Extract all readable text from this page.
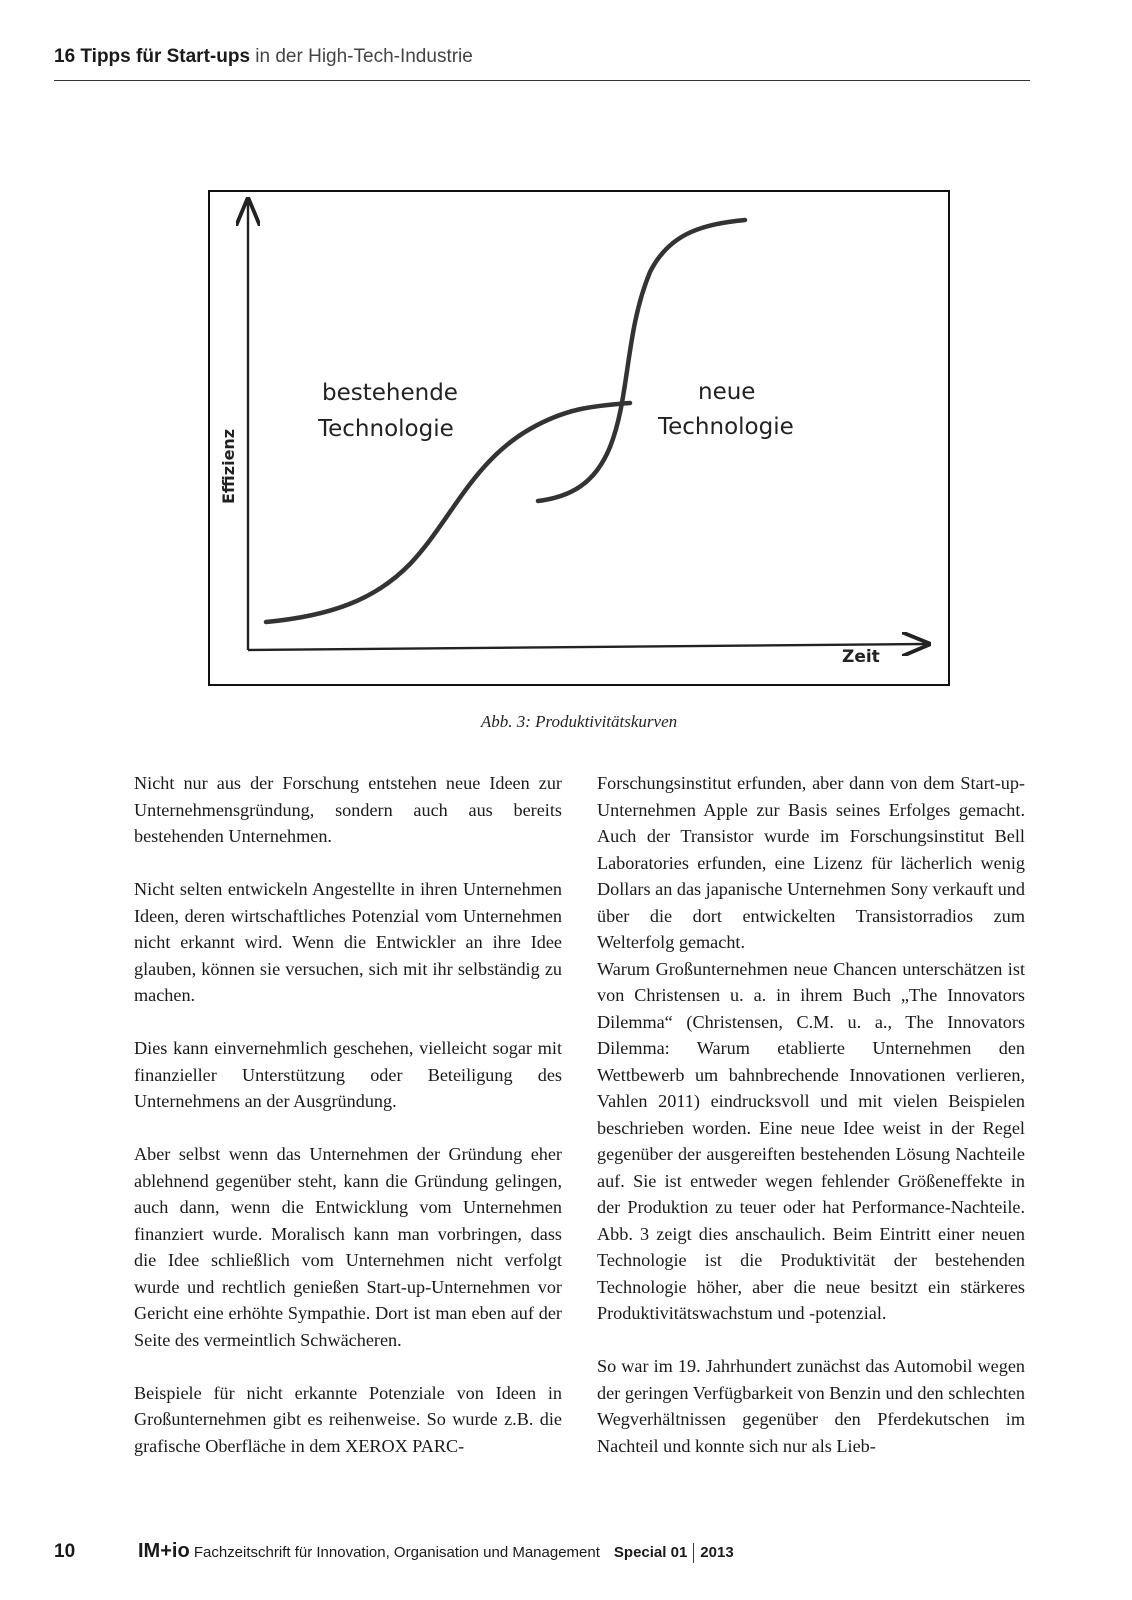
16 Tipps für Start-ups in der High-Tech-Industrie
bestehende
Technologie
neue
Technologie
Effizienz
Zeit
Abb. 3: Produktivitätskurven

Nicht nur aus der Forschung entstehen neue Ideen zur Unternehmensgründung, sondern auch aus bereits bestehenden Unternehmen.

Nicht selten entwickeln Angestellte in ihren Unternehmen Ideen, deren wirtschaftliches Potenzial vom Unternehmen nicht erkannt wird. Wenn die Entwickler an ihre Idee glauben, können sie versuchen, sich mit ihr selbständig zu machen.

Dies kann einvernehmlich geschehen, vielleicht sogar mit finanzieller Unterstützung oder Beteiligung des Unternehmens an der Ausgründung.

Aber selbst wenn das Unternehmen der Gründung eher ablehnend gegenüber steht, kann die Gründung gelingen, auch dann, wenn die Entwicklung vom Unternehmen finanziert wurde. Moralisch kann man vorbringen, dass die Idee schließlich vom Unternehmen nicht verfolgt wurde und rechtlich genießen Start-up-Unternehmen vor Gericht eine erhöhte Sympathie. Dort ist man eben auf der Seite des vermeintlich Schwächeren.

Beispiele für nicht erkannte Potenziale von Ideen in Großunternehmen gibt es reihenweise. So wurde z.B. die grafische Oberfläche in dem XEROX PARC-

Forschungsinstitut erfunden, aber dann von dem Start-up-Unternehmen Apple zur Basis seines Erfolges gemacht. Auch der Transistor wurde im Forschungsinstitut Bell Laboratories erfunden, eine Lizenz für lächerlich wenig Dollars an das japanische Unternehmen Sony verkauft und über die dort entwickelten Transistorradios zum Welterfolg gemacht.

Warum Großunternehmen neue Chancen unterschätzen ist von Christensen u. a. in ihrem Buch „The Innovators Dilemma“ (Christensen, C.M. u. a., The Innovators Dilemma: Warum etablierte Unternehmen den Wettbewerb um bahnbrechende Innovationen verlieren, Vahlen 2011) eindrucksvoll und mit vielen Beispielen beschrieben worden. Eine neue Idee weist in der Regel gegenüber der ausgereiften bestehenden Lösung Nachteile auf. Sie ist entweder wegen fehlender Größeneffekte in der Produktion zu teuer oder hat Performance-Nachteile. Abb. 3 zeigt dies anschaulich. Beim Eintritt einer neuen Technologie ist die Produktivität der bestehenden Technologie höher, aber die neue besitzt ein stärkeres Produktivitätswachstum und -potenzial.

So war im 19. Jahrhundert zunächst das Automobil wegen der geringen Verfügbarkeit von Benzin und den schlechten Wegverhältnissen gegenüber den Pferdekutschen im Nachteil und konnte sich nur als Lieb-

10	IM+io Fachzeitschrift für Innovation, Organisation und Management Special 01 2013
